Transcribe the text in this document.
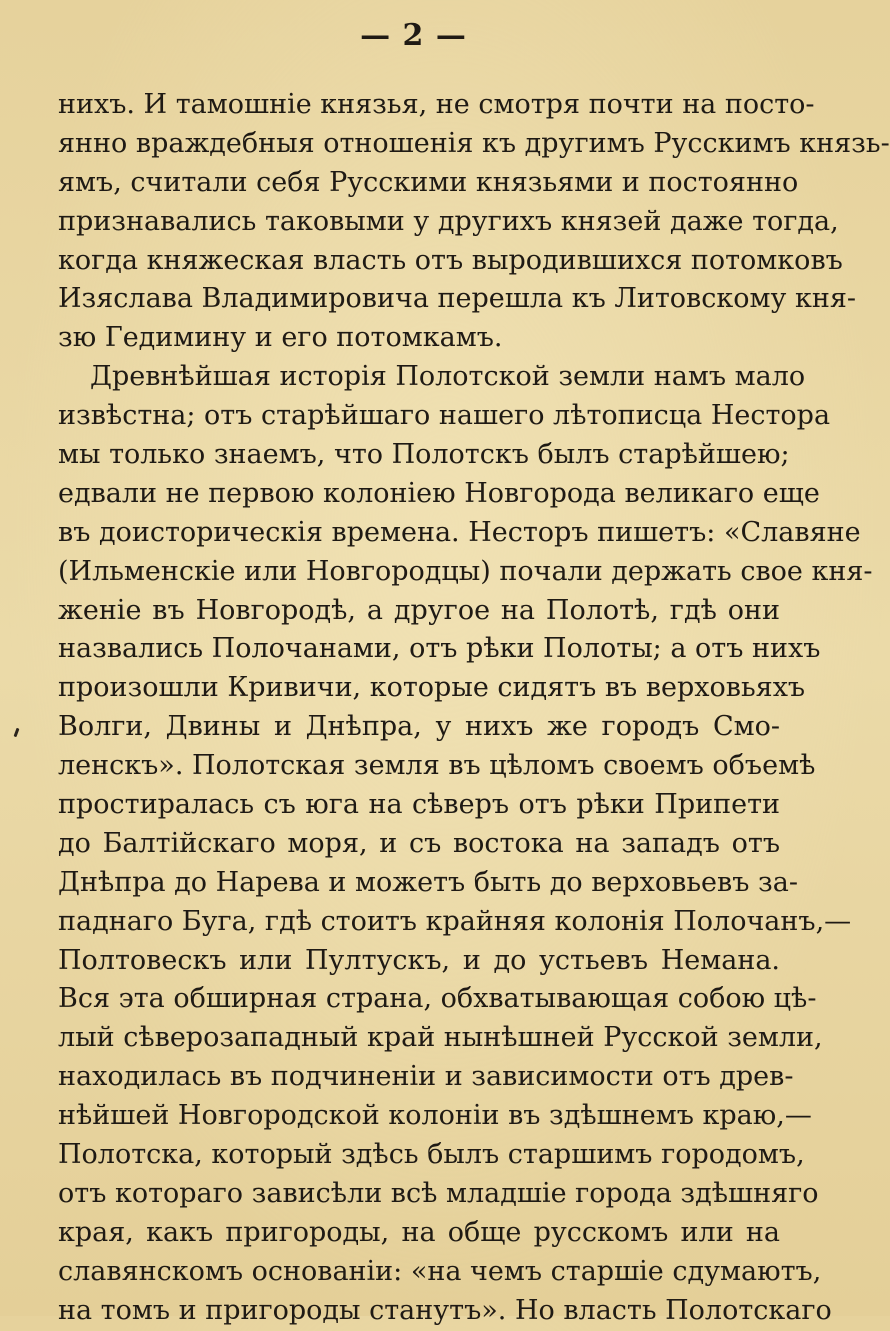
— 2 —
нихъ. И тамошніе князья, не смотря почти на посто-
янно враждебныя отношенія къ другимъ Русскимъ князь-
ямъ, считали себя Русскими князьями и постоянно
признавались таковыми у другихъ князей даже тогда,
когда княжеская власть отъ выродившихся потомковъ
Изяслава Владимировича перешла къ Литовскому кня-
зю Гедимину и его потомкамъ.
Древнѣйшая исторія Полотской земли намъ мало
извѣстна; отъ старѣйшаго нашего лѣтописца Нестора
мы только знаемъ, что Полотскъ былъ старѣйшею;
едвали не первою колоніею Новгорода великаго еще
въ доисторическія времена. Несторъ пишетъ: «Славяне
(Ильменскіе или Новгородцы) почали держать свое кня-
женіе въ Новгородѣ, а другое на Полотѣ, гдѣ они
назвались Полочанами, отъ рѣки Полоты; а отъ нихъ
произошли Кривичи, которые сидятъ въ верховьяхъ
Волги, Двины и Днѣпра, у нихъ же городъ Смо-
ленскъ». Полотская земля въ цѣломъ своемъ объемѣ
простиралась съ юга на сѣверъ отъ рѣки Припети
до Балтійскаго моря, и съ востока на западъ отъ
Днѣпра до Нарева и можетъ быть до верховьевъ за-
паднаго Буга, гдѣ стоитъ крайняя колонія Полочанъ,—
Полтовескъ или Пултускъ, и до устьевъ Немана.
Вся эта обширная страна, обхватывающая собою цѣ-
лый сѣверозападный край нынѣшней Русской земли,
находилась въ подчиненіи и зависимости отъ древ-
нѣйшей Новгородской колоніи въ здѣшнемъ краю,—
Полотска, который здѣсь былъ старшимъ городомъ,
отъ котораго зависѣли всѣ младшіе города здѣшняго
края, какъ пригороды, на обще русскомъ или на
славянскомъ основаніи: «на чемъ старшіе сдумаютъ,
на томъ и пригороды станутъ». Но власть Полотскаго
